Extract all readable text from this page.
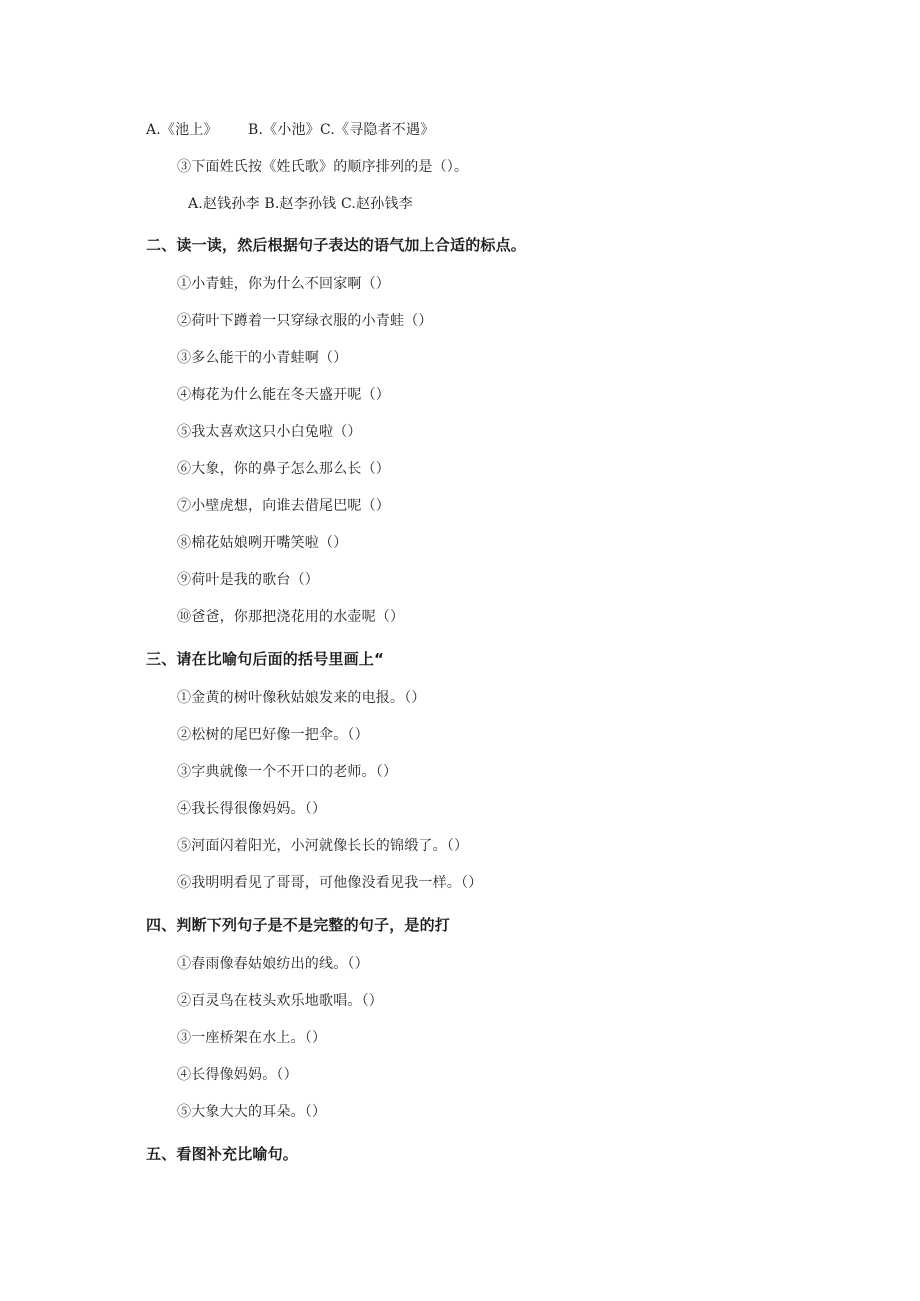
A.《池上》 B.《小池》C.《寻隐者不遇》
③下面姓氏按《姓氏歌》的顺序排列的是（）。
A.赵钱孙李 B.赵李孙钱 C.赵孙钱李
二、读一读，然后根据句子表达的语气加上合适的标点。
①小青蛙，你为什么不回家啊（）
②荷叶下蹲着一只穿绿衣服的小青蛙（）
③多么能干的小青蛙啊（）
④梅花为什么能在冬天盛开呢（）
⑤我太喜欢这只小白兔啦（）
⑥大象，你的鼻子怎么那么长（）
⑦小壁虎想，向谁去借尾巴呢（）
⑧棉花姑娘咧开嘴笑啦（）
⑨荷叶是我的歌台（）
⑩爸爸，你那把浇花用的水壶呢（）
三、请在比喻句后面的括号里画上“
①金黄的树叶像秋姑娘发来的电报。（）
②松树的尾巴好像一把伞。（）
③字典就像一个不开口的老师。（）
④我长得很像妈妈。（）
⑤河面闪着阳光，小河就像长长的锦缎了。（）
⑥我明明看见了哥哥，可他像没看见我一样。（）
四、判断下列句子是不是完整的句子，是的打
①春雨像春姑娘纺出的线。（）
②百灵鸟在枝头欢乐地歌唱。（）
③一座桥架在水上。（）
④长得像妈妈。（）
⑤大象大大的耳朵。（）
五、看图补充比喻句。
